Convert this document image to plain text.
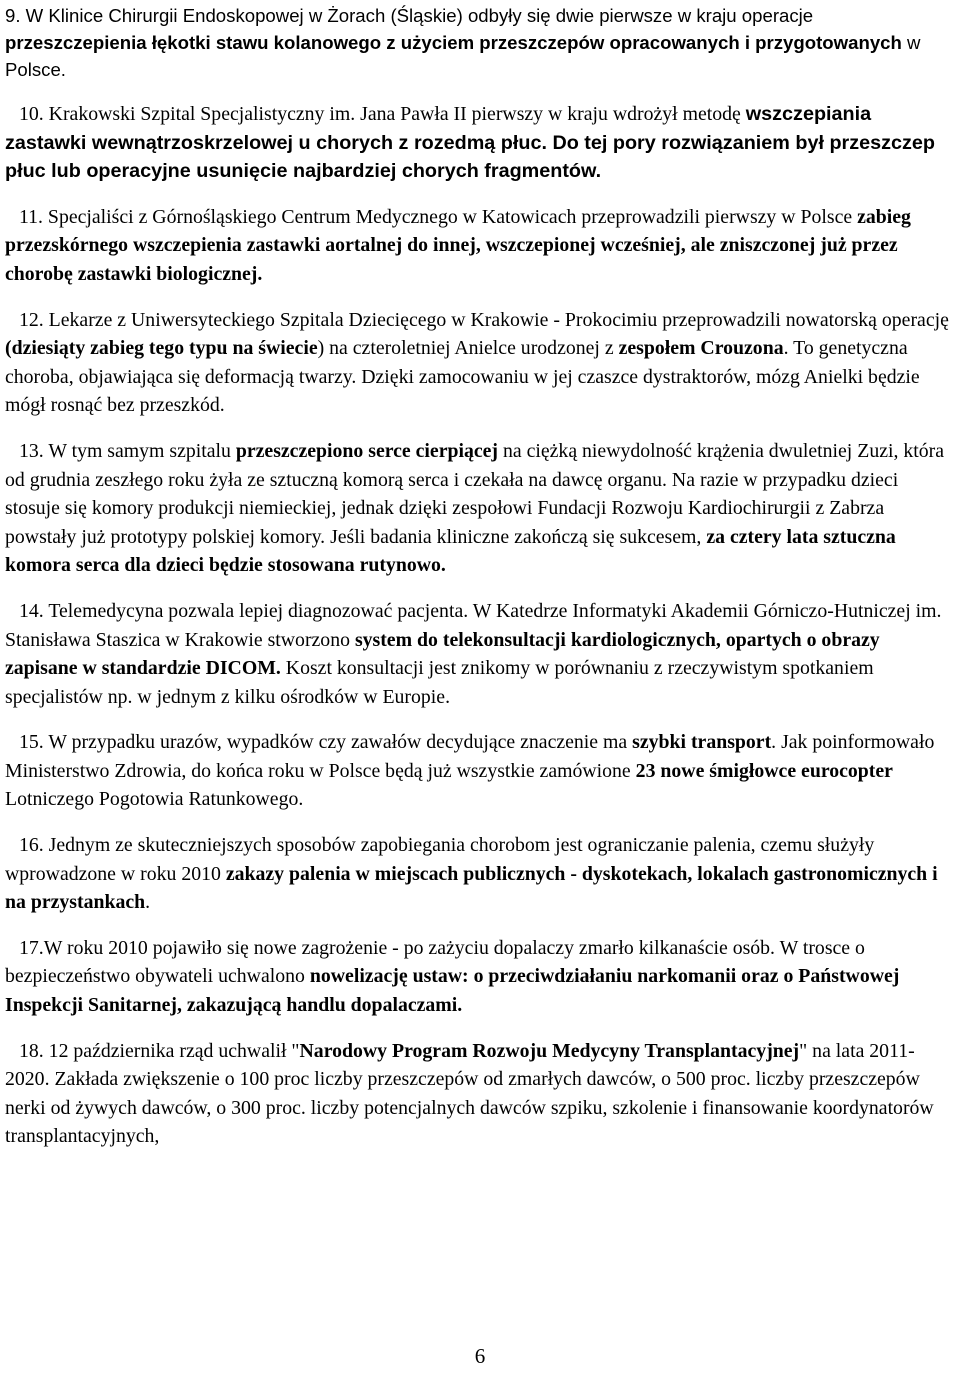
9. W Klinice Chirurgii Endoskopowej w Żorach (Śląskie) odbyły się dwie pierwsze w kraju operacje przeszczepienia łękotki stawu kolanowego z użyciem przeszczepów opracowanych i przygotowanych w Polsce.

10. Krakowski Szpital Specjalistyczny im. Jana Pawła II pierwszy w kraju wdrożył metodę wszczepiania zastawki wewnątrzoskrzelowej u chorych z rozedmą płuc. Do tej pory rozwiązaniem był przeszczep płuc lub operacyjne usunięcie najbardziej chorych fragmentów.

11. Specjaliści z Górnośląskiego Centrum Medycznego w Katowicach przeprowadzili pierwszy w Polsce zabieg przezskórnego wszczepienia zastawki aortalnej do innej, wszczepionej wcześniej, ale zniszczonej już przez chorobę zastawki biologicznej.

12. Lekarze z Uniwersyteckiego Szpitala Dziecięcego w Krakowie - Prokocimiu przeprowadzili nowatorską operację (dziesiąty zabieg tego typu na świecie) na czteroletniej Anielce urodzonej z zespołem Crouzona. To genetyczna choroba, objawiająca się deformacją twarzy. Dzięki zamocowaniu w jej czaszce dystraktorów, mózg Anielki będzie mógł rosnąć bez przeszkód.

13. W tym samym szpitalu przeszczepiono serce cierpiącej na ciężką niewydolność krążenia dwuletniej Zuzi, która od grudnia zeszłego roku żyła ze sztuczną komorą serca i czekała na dawcę organu. Na razie w przypadku dzieci stosuje się komory produkcji niemieckiej, jednak dzięki zespołowi Fundacji Rozwoju Kardiochirurgii z Zabrza powstały już prototypy polskiej komory. Jeśli badania kliniczne zakończą się sukcesem, za cztery lata sztuczna komora serca dla dzieci będzie stosowana rutynowo.

14. Telemedycyna pozwala lepiej diagnozować pacjenta. W Katedrze Informatyki Akademii Górniczo-Hutniczej im. Stanisława Staszica w Krakowie stworzono system do telekonsultacji kardiologicznych, opartych o obrazy zapisane w standardzie DICOM. Koszt konsultacji jest znikomy w porównaniu z rzeczywistym spotkaniem specjalistów np. w jednym z kilku ośrodków w Europie.

15. W przypadku urazów, wypadków czy zawałów decydujące znaczenie ma szybki transport. Jak poinformowało Ministerstwo Zdrowia, do końca roku w Polsce będą już wszystkie zamówione 23 nowe śmigłowce eurocopter Lotniczego Pogotowia Ratunkowego.

16. Jednym ze skuteczniejszych sposobów zapobiegania chorobom jest ograniczanie palenia, czemu służyły wprowadzone w roku 2010 zakazy palenia w miejscach publicznych - dyskotekach, lokalach gastronomicznych i na przystankach.

17.W roku 2010 pojawiło się nowe zagrożenie - po zażyciu dopalaczy zmarło kilkanaście osób. W trosce o bezpieczeństwo obywateli uchwalono nowelizację ustaw: o przeciwdziałaniu narkomanii oraz o Państwowej Inspekcji Sanitarnej, zakazującą handlu dopalaczami.

18. 12 października rząd uchwalił "Narodowy Program Rozwoju Medycyny Transplantacyjnej" na lata 2011-2020. Zakłada zwiększenie o 100 proc liczby przeszczepów od zmarłych dawców, o 500 proc. liczby przeszczepów nerki od żywych dawców, o 300 proc. liczby potencjalnych dawców szpiku, szkolenie i finansowanie koordynatorów transplantacyjnych,

6
